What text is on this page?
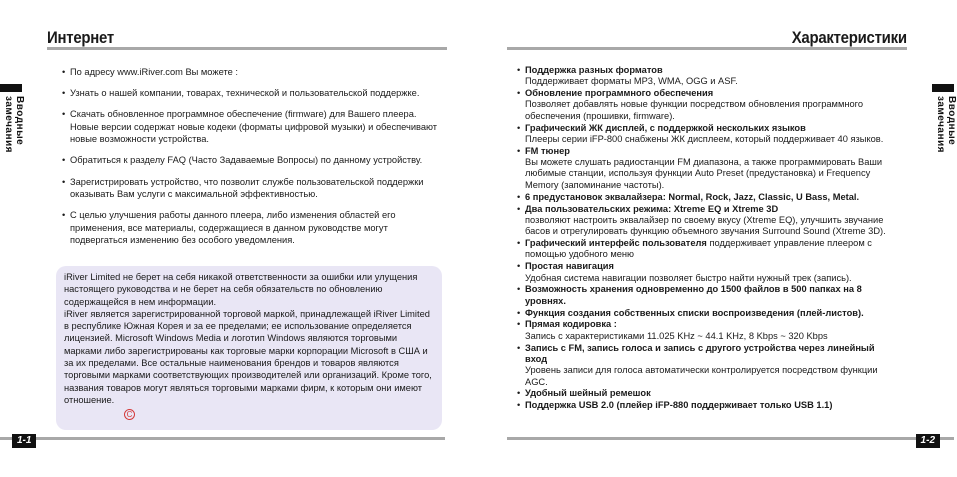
Интернет
Вводные замечания
• По адресу www.iRiver.com Вы можете :
• Узнать о нашей компании, товарах, технической и пользовательской поддержке.
• Скачать обновленное программное обеспечение (firmware) для Вашего плеера. Новые версии содержат новые кодеки (форматы цифровой музыки) и обеспечивают новые возможности устройства.
• Обратиться к разделу FAQ (Часто Задаваемые Вопросы) по данному устройству.
• Зарегистрировать устройство, что позволит службе пользовательской поддержки оказывать Вам услуги с максимальной эффективностью.
• С целью улучшения работы данного плеера, либо изменения областей его применения, все материалы, содержащиеся в данном руководстве могут подвергаться изменению без особого уведомления.

iRiver Limited не берет на себя никакой ответственности за ошибки или улущения настоящего руководства и не берет на себя обязательств по обновлению содержащейся в нем информации.

iRiver является зарегистрированной торговой маркой, принадлежащей iRiver Limited в республике Южная Корея и за ее пределами; ее использование определяется лицензией. Microsoft Windows Media и логотип Windows являются торговыми марками либо зарегистрированы как торговые марки корпорации Microsoft в США и за их пределами. Все остальные наименования брендов и товаров являются торговыми марками соответствующих производителей или организаций. Кроме того, названия товаров могут являться торговыми марками фирм, к которым они имеют отношение.

C
1-1
Характеристики
Вводные замечания
• Поддержка разных форматов
Поддерживает форматы MP3, WMA, OGG и ASF.
• Обновление программного обеспечения
Позволяет добавлять новые функции посредством обновления программного обеспечения (прошивки, firmware).
• Графический ЖК дисплей, с поддержкой нескольких языков
Плееры серии iFP-800 снабжены ЖК дисплеем, который поддерживает 40 языков.
• FM тюнер
Вы можете слушать радиостанции FM диапазона, а также программировать Ваши любимые станции, используя функции Auto Preset (предустановка) и Frequency Memory (запоминание частоты).
• 6 предустановок эквалайзера: Normal, Rock, Jazz, Classic, U Bass, Metal.
• Два пользовательских режима: Xtreme EQ и Xtreme 3D
позволяют настроить эквалайзер по своему вкусу (Xtreme EQ), улучшить звучание басов и отрегулировать функцию объемного звучания Surround Sound (Xtreme 3D).
• Графический интерфейс пользователя поддерживает управление плеером с помощью удобного меню
• Простая навигация
Удобная система навигации позволяет быстро найти нужный трек (запись).
• Возможность хранения одновременно до 1500 файлов в 500 папках на 8 уровнях.
• Функция создания собственных списки воспроизведения (плей-листов).
• Прямая кодировка :
Запись с характеристиками 11.025 KHz ~ 44.1 KHz, 8 Kbps ~ 320 Kbps
• Запись с FM, запись голоса и запись с другого устройства через линейный вход
Уровень записи для голоса автоматически контролируется посредством функции AGC.
• Удобный шейный ремешок
• Поддержка USB 2.0 (плейер iFP-880 поддерживает только USB 1.1)
1-2
